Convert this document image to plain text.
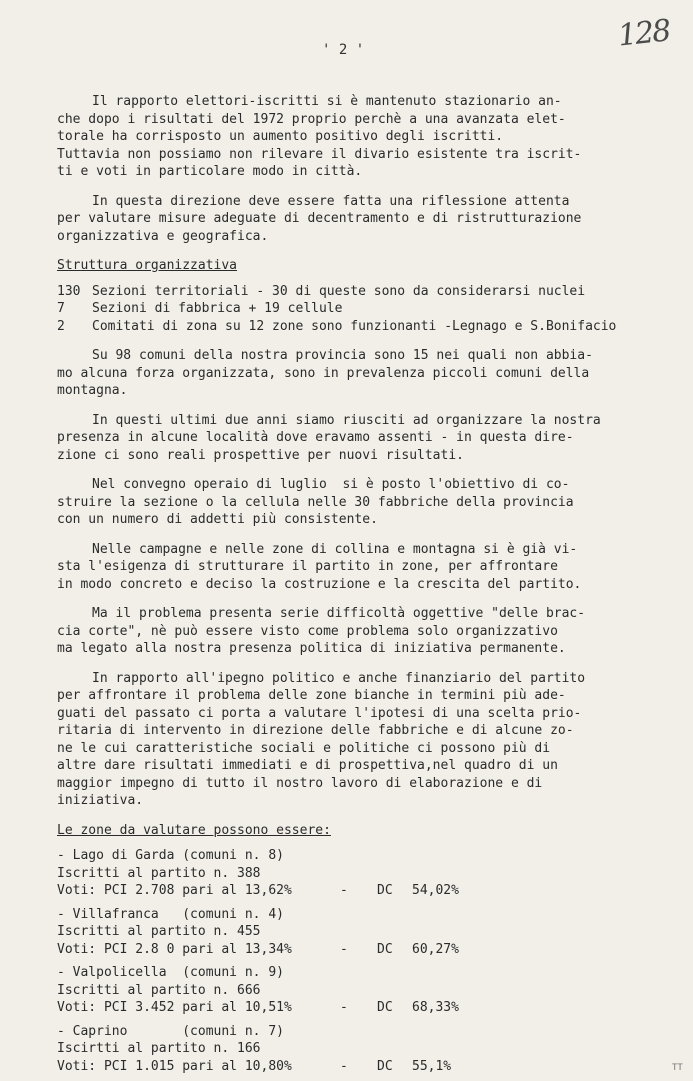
128
' 2 '

Il rapporto elettori-iscritti si è mantenuto stazionario an-
che dopo i risultati del 1972 proprio perchè a una avanzata elet-
torale ha corrisposto un aumento positivo degli iscritti.
Tuttavia non possiamo non rilevare il divario esistente tra iscrit-
ti e voti in particolare modo in città.

In questa direzione deve essere fatta una riflessione attenta
per valutare misure adeguate di decentramento e di ristrutturazione
organizzativa e geografica.

Struttura organizzativa
130 Sezioni territoriali - 30 di queste sono da considerarsi nuclei
7	Sezioni di fabbrica + 19 cellule
2	Comitati di zona su 12 zone sono funzionanti -Legnago e S.Bonifacio

Su 98 comuni della nostra provincia sono 15 nei quali non abbia-
mo alcuna forza organizzata, sono in prevalenza piccoli comuni della
montagna.

In questi ultimi due anni siamo riusciti ad organizzare la nostra
presenza in alcune località dove eravamo assenti - in questa dire-
zione ci sono reali prospettive per nuovi risultati.

Nel convegno operaio di luglio  si è posto l'obiettivo di co-
struire la sezione o la cellula nelle 30 fabbriche della provincia
con un numero di addetti più consistente.

Nelle campagne e nelle zone di collina e montagna si è già vi-
sta l'esigenza di strutturare il partito in zone, per affrontare
in modo concreto e deciso la costruzione e la crescita del partito.

Ma il problema presenta serie difficoltà oggettive "delle brac-
cia corte", nè può essere visto come problema solo organizzativo
ma legato alla nostra presenza politica di iniziativa permanente.

In rapporto all'ipegno politico e anche finanziario del partito
per affrontare il problema delle zone bianche in termini più ade-
guati del passato ci porta a valutare l'ipotesi di una scelta prio-
ritaria di intervento in direzione delle fabbriche e di alcune zo-
ne le cui caratteristiche sociali e politiche ci possono più di
altre dare risultati immediati e di prospettiva,nel quadro di un
maggior impegno di tutto il nostro lavoro di elaborazione e di
iniziativa.

Le zone da valutare possono essere:
- Lago di Garda (comuni n. 8)
Iscritti al partito n. 388
Voti: PCI 2.708 pari al 13,62%	-	DC	54,02%
- Villafranca   (comuni n. 4)
Iscritti al partito n. 455
Voti: PCI 2.8 0 pari al 13,34%	-	DC	60,27%
- Valpolicella  (comuni n. 9)
Iscritti al partito n. 666
Voti: PCI 3.452 pari al 10,51%	-	DC	68,33%
- Caprino       (comuni n. 7)
Iscirtti al partito n. 166
Voti: PCI 1.015 pari al 10,80%	-	DC	55,1%	TT
